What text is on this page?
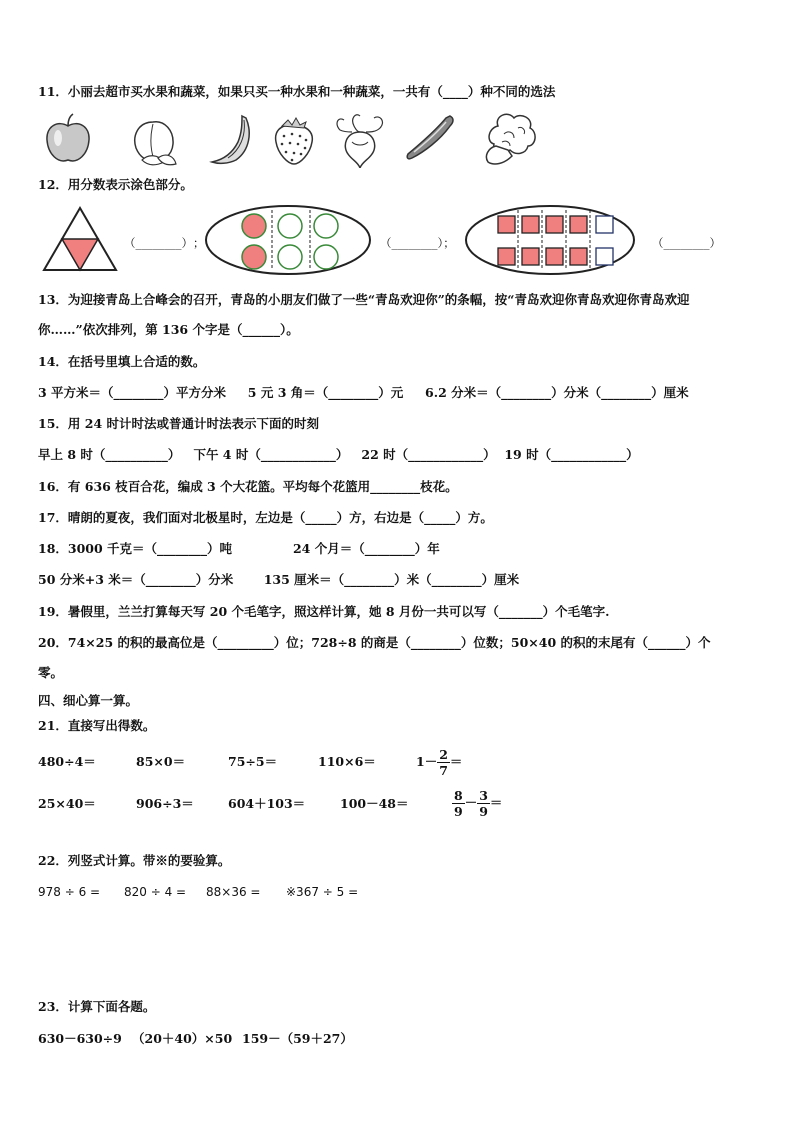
11．小丽去超市买水果和蔬菜，如果只买一种水果和一种蔬菜，一共有（____）种不同的选法
12．用分数表示涂色部分。
（________） ；	（________）；	（________）
13．为迎接青岛上合峰会的召开，青岛的小朋友们做了一些“青岛欢迎你”的条幅，按“青岛欢迎你青岛欢迎你青岛欢迎
你……”依次排列，第 136 个字是（______）。
14．在括号里填上合适的数。
3 平方米＝（________）平方分米     5 元 3 角＝（________）元     6.2 分米＝（________）分米（________）厘米
15．用 24 时计时法或普通计时法表示下面的时刻
早上 8 时（__________）   下午 4 时（____________）   22 时（____________）  19 时（____________）
16．有 636 枝百合花，编成 3 个大花篮。平均每个花篮用________枝花。
17．晴朗的夏夜，我们面对北极星时，左边是（_____）方，右边是（_____）方。
18．3000 千克＝（________）吨              24 个月＝（________）年
50 分米+3 米＝（________）分米       135 厘米＝（________）米（________）厘米
19．暑假里，兰兰打算每天写 20 个毛笔字，照这样计算，她 8 月份一共可以写（_______）个毛笔字.
20．74×25 的积的最高位是（_________）位；728÷8 的商是（________）位数；50×40 的积的末尾有（______）个
零。
四、细心算一算。
21．直接写出得数。
480÷4＝	85×0＝	75÷5＝	110×6＝	$1- \frac{2}{7}$ ＝
25×40＝	906÷3＝	604＋103＝	100－48＝	$\frac{8}{9} - \frac{3}{9}$ ＝
22．列竖式计算。带※的要验算。
978 ÷ 6 = 820 ÷ 4 = 88×36 = ※367 ÷ 5 =
23．计算下面各题。
630－630÷9 （20＋40）×50 159－（59＋27）
